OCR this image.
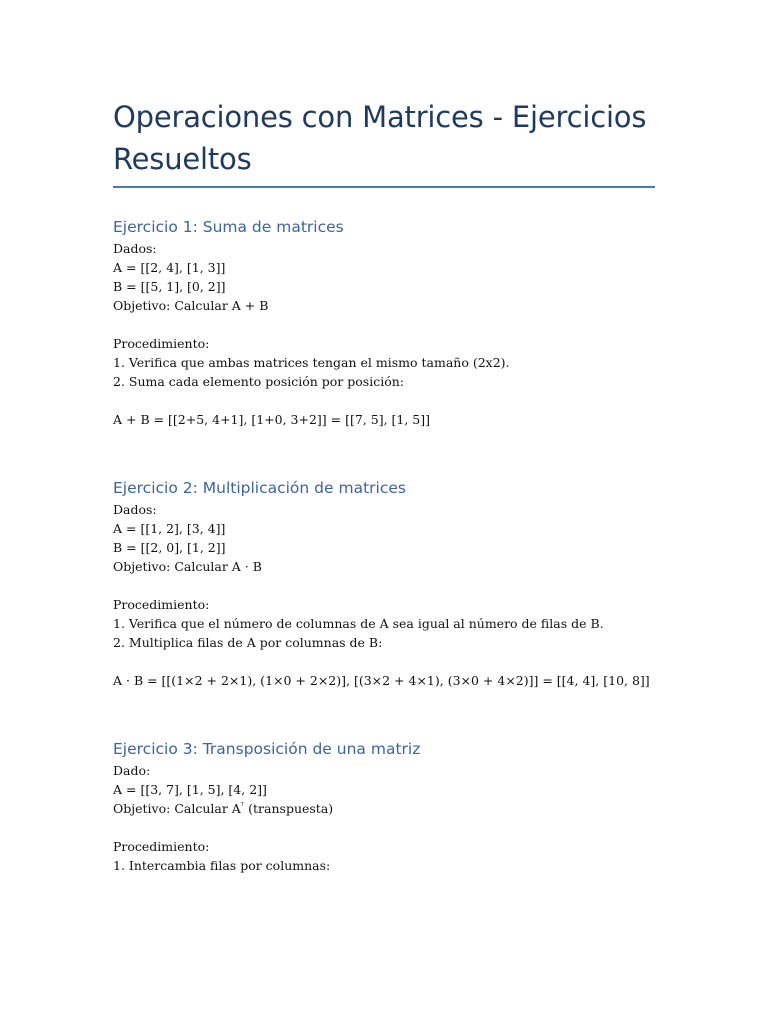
Operaciones con Matrices - Ejercicios Resueltos
Ejercicio 1: Suma de matrices

Dados:

A = [[2, 4], [1, 3]]

B = [[5, 1], [0, 2]]

Objetivo: Calcular A + B

Procedimiento:

1. Verifica que ambas matrices tengan el mismo tamaño (2x2).

2. Suma cada elemento posición por posición:

A + B = [[2+5, 4+1], [1+0, 3+2]] = [[7, 5], [1, 5]]

Ejercicio 2: Multiplicación de matrices

Dados:

A = [[1, 2], [3, 4]]

B = [[2, 0], [1, 2]]

Objetivo: Calcular A · B

Procedimiento:

1. Verifica que el número de columnas de A sea igual al número de filas de B.

2. Multiplica filas de A por columnas de B:

A · B = [[(1×2 + 2×1), (1×0 + 2×2)], [(3×2 + 4×1), (3×0 + 4×2)]] = [[4, 4], [10, 8]]

Ejercicio 3: Transposición de una matriz

Dado:

A = [[3, 7], [1, 5], [4, 2]]

Objetivo: Calcular $A^ᵀ$ (transpuesta)

Procedimiento:

1. Intercambia filas por columnas:
